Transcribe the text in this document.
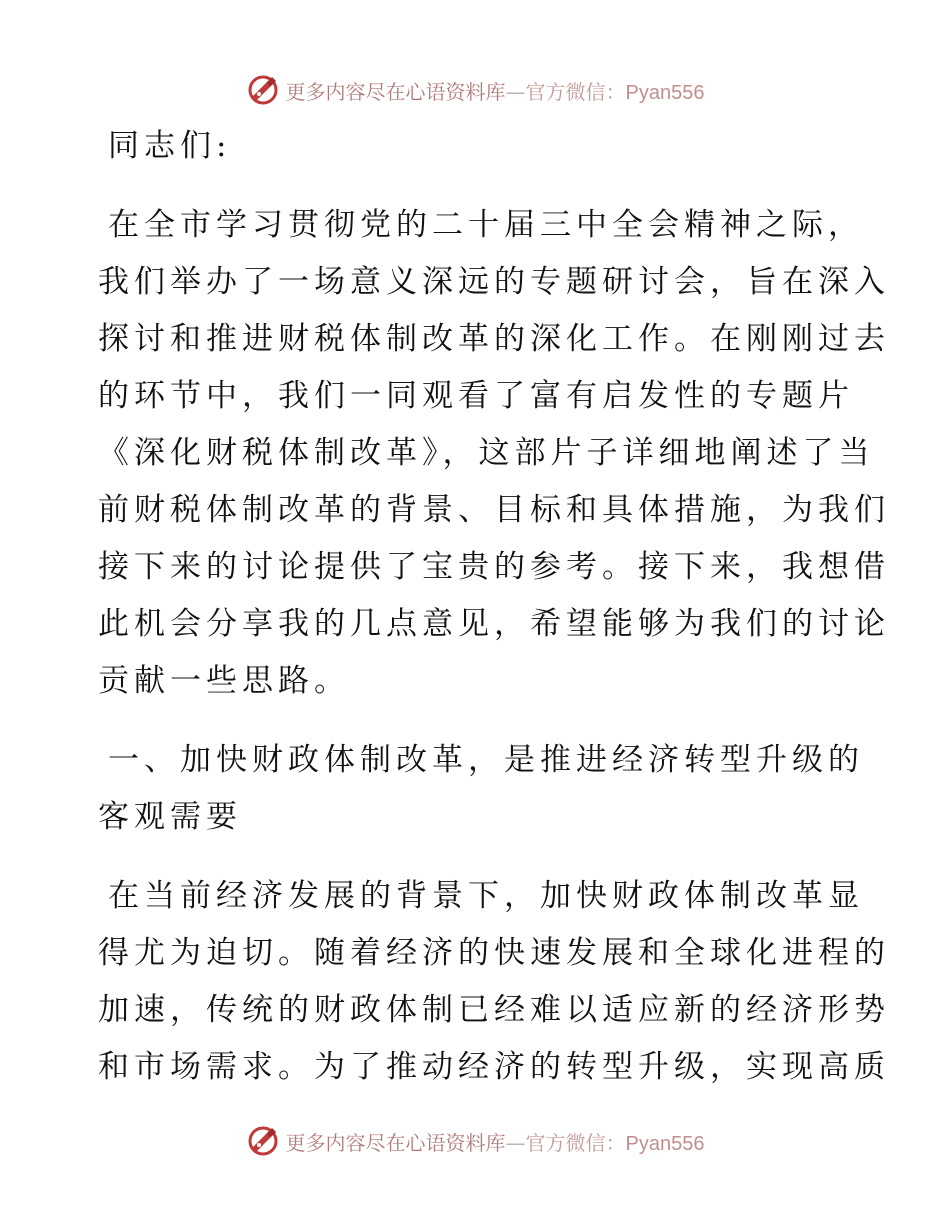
更多内容尽在心语资料库—官方微信：Pyan556
同志们:
在全市学习贯彻党的二十届三中全会精神之际，
我们举办了一场意义深远的专题研讨会，旨在深入
探讨和推进财税体制改革的深化工作。在刚刚过去
的环节中，我们一同观看了富有启发性的专题片
《深化财税体制改革》，这部片子详细地阐述了当
前财税体制改革的背景、目标和具体措施，为我们
接下来的讨论提供了宝贵的参考。接下来，我想借
此机会分享我的几点意见，希望能够为我们的讨论
贡献一些思路。
一、加快财政体制改革，是推进经济转型升级的
客观需要
在当前经济发展的背景下，加快财政体制改革显
得尤为迫切。随着经济的快速发展和全球化进程的
加速，传统的财政体制已经难以适应新的经济形势
和市场需求。为了推动经济的转型升级，实现高质
更多内容尽在心语资料库—官方微信：Pyan556
